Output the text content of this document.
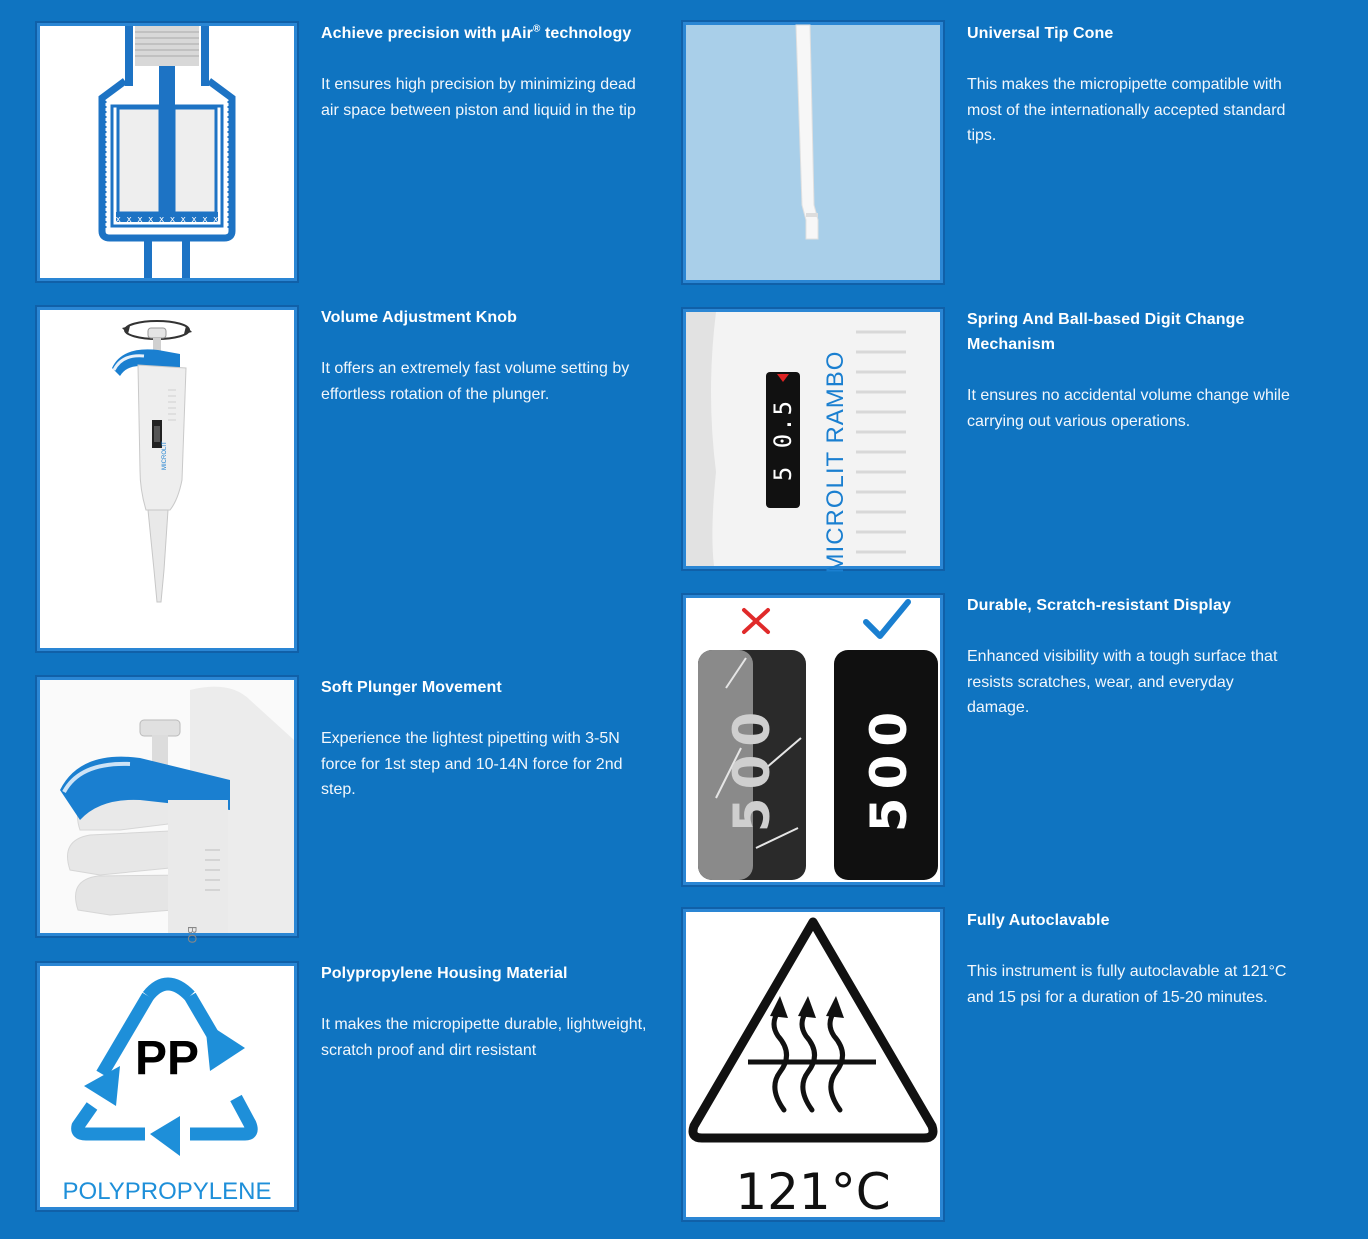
x x x x x x x x x x
Achieve precision with µAir® technology
It ensures high precision by minimizing dead air space between piston and liquid in the tip
MICROLIT
Volume Adjustment Knob
It offers an extremely fast volume setting by effortless rotation of the plunger.
BO
Soft Plunger Movement
Experience the lightest pipetting with 3-5N force for 1st step and 10-14N force for 2nd step.
PP
POLYPROPYLENE
Polypropylene Housing Material
It makes the micropipette durable, lightweight, scratch proof and dirt resistant
Universal Tip Cone
This makes the micropipette compatible with most of the internationally accepted standard tips.
5 0.5 MICROLIT RAMBO
Spring And Ball-based Digit Change Mechanism
It ensures no accidental volume change while carrying out various operations.
500 500
Durable, Scratch-resistant Display
Enhanced visibility with a tough surface that resists scratches, wear, and everyday damage.
121°C
Fully Autoclavable
This instrument is fully autoclavable at 121°C and 15 psi for a duration of 15-20 minutes.
